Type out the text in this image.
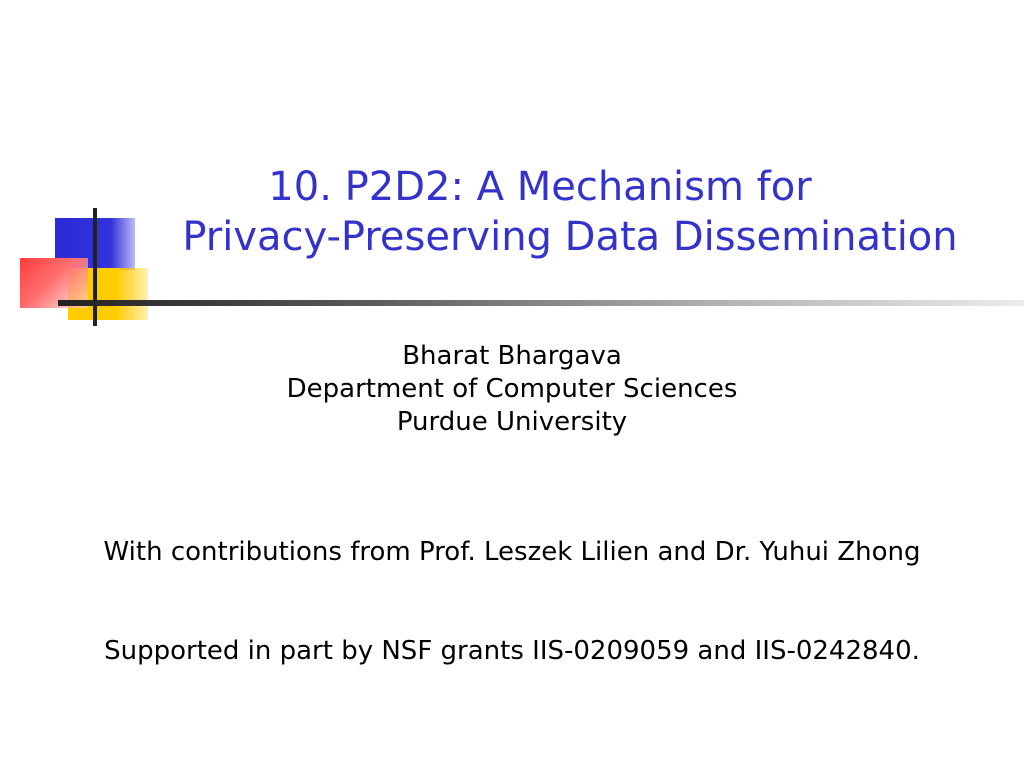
10. P2D2: A Mechanism for
Privacy-Preserving Data Dissemination
Bharat Bhargava
Department of Computer Sciences
Purdue University
With contributions from Prof. Leszek Lilien and Dr. Yuhui Zhong
Supported in part by NSF grants IIS-0209059 and IIS-0242840.
